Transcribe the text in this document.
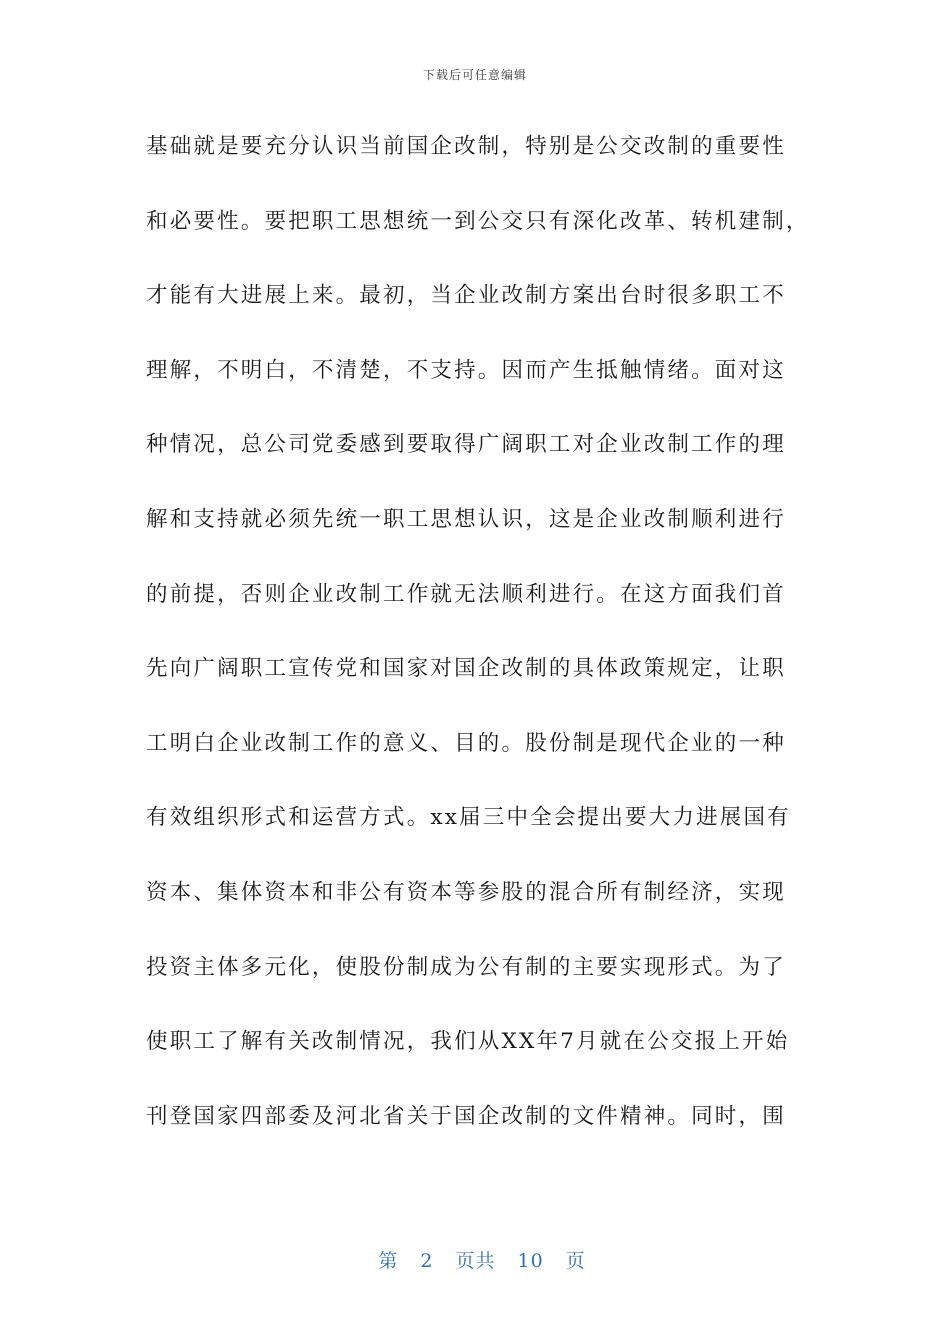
下载后可任意编辑
基础就是要充分认识当前国企改制，特别是公交改制的重要性
和必要性。要把职工思想统一到公交只有深化改革、转机建制，
才能有大进展上来。最初，当企业改制方案出台时很多职工不
理解，不明白，不清楚，不支持。因而产生抵触情绪。面对这
种情况，总公司党委感到要取得广阔职工对企业改制工作的理
解和支持就必须先统一职工思想认识，这是企业改制顺利进行
的前提，否则企业改制工作就无法顺利进行。在这方面我们首
先向广阔职工宣传党和国家对国企改制的具体政策规定，让职
工明白企业改制工作的意义、目的。股份制是现代企业的一种
有效组织形式和运营方式。xx届三中全会提出要大力进展国有
资本、集体资本和非公有资本等参股的混合所有制经济，实现
投资主体多元化，使股份制成为公有制的主要实现形式。为了
使职工了解有关改制情况，我们从XX年7月就在公交报上开始
刊登国家四部委及河北省关于国企改制的文件精神。同时，围

第 2 页共 10 页
